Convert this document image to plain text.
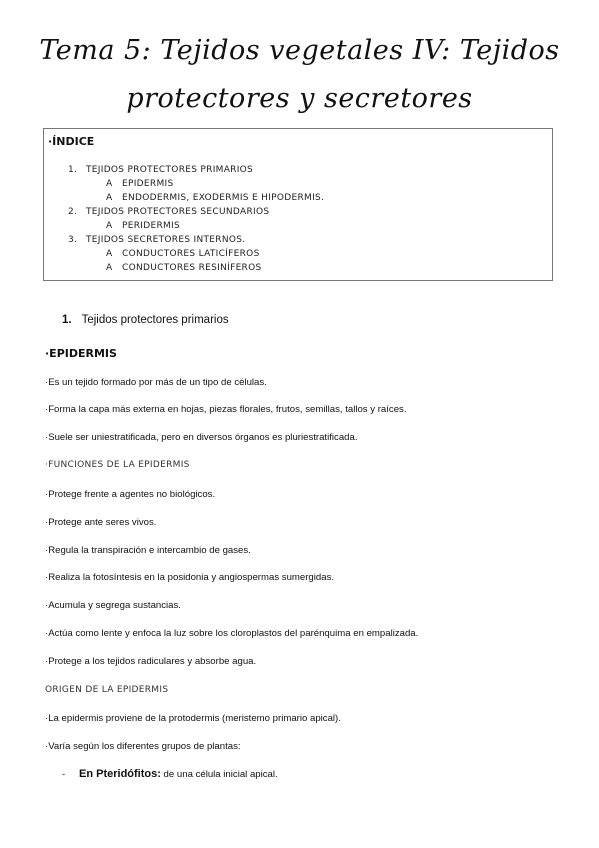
Tema 5: Tejidos vegetales IV: Tejidos
protectores y secretores
·ÍNDICE
1. TEJIDOS PROTECTORES PRIMARIOS
A EPIDERMIS
A ENDODERMIS, EXODERMIS E HIPODERMIS.
2. TEJIDOS PROTECTORES SECUNDARIOS
A PERIDERMIS
3. TEJIDOS SECRETORES INTERNOS.
A CONDUCTORES LATICÍFEROS
A CONDUCTORES RESINÍFEROS
1. Tejidos protectores primarios
·EPIDERMIS
·Es un tejido formado por más de un tipo de células.
·Forma la capa más externa en hojas, piezas florales, frutos, semillas, tallos y raíces.
·Suele ser uniestratificada, pero en diversos órganos es pluriestratificada.
·FUNCIONES DE LA EPIDERMIS
·Protege frente a agentes no biológicos.
·Protege ante seres vivos.
·Regula la transpiración e intercambio de gases.
·Realiza la fotosíntesis en la posidonia y angiospermas sumergidas.
·Acumula y segrega sustancias.
·Actúa como lente y enfoca la luz sobre los cloroplastos del parénquima en empalizada.
·Protege a los tejidos radiculares y absorbe agua.
ORIGEN DE LA EPIDERMIS
·La epidermis proviene de la protodermis (meristemo primario apical).
·Varía según los diferentes grupos de plantas:
- En Pteridófitos: de una célula inicial apical.
